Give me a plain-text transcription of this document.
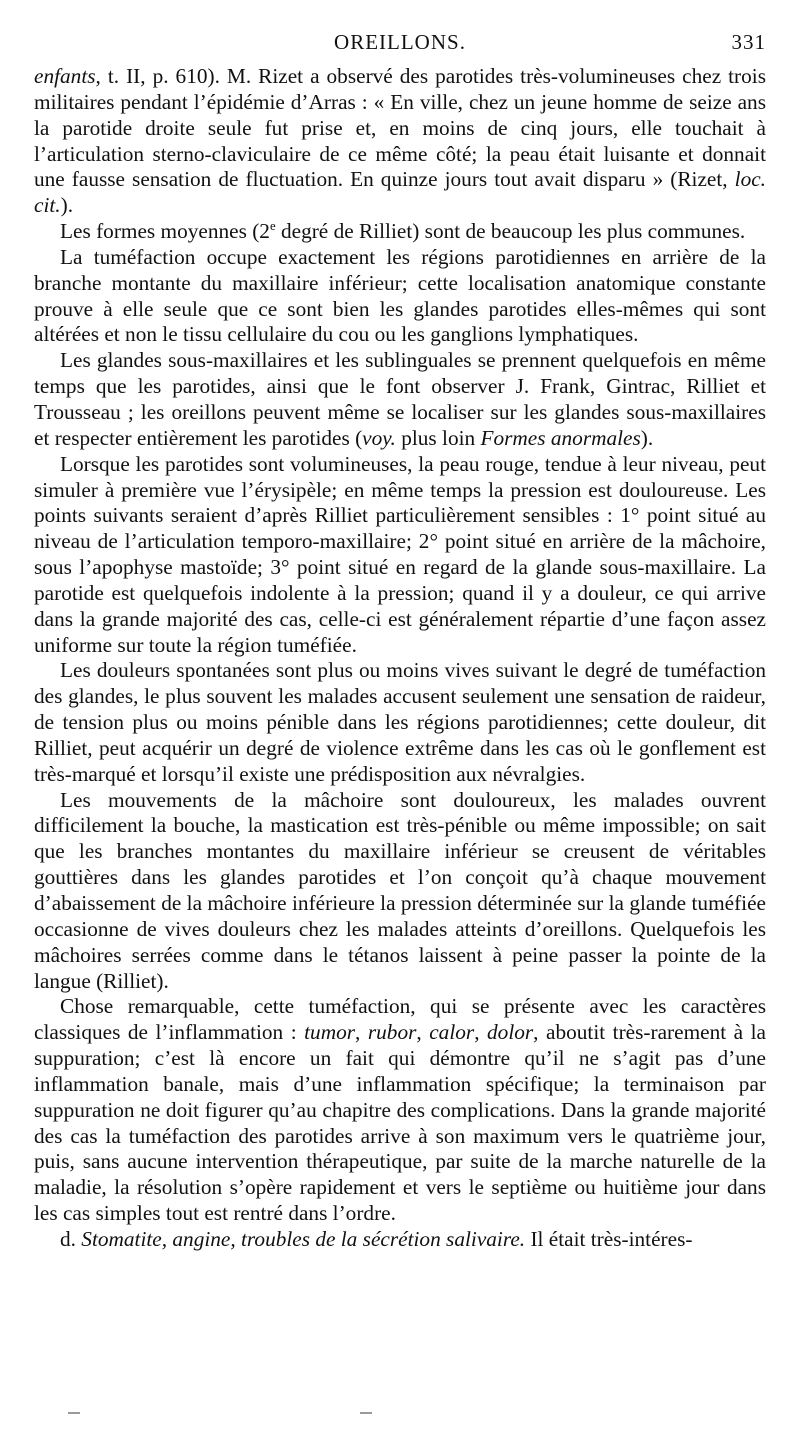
OREILLONS.	331

enfants, t. II, p. 610). M. Rizet a observé des parotides très-volumineuses chez trois militaires pendant l’épidémie d’Arras : « En ville, chez un jeune homme de seize ans la parotide droite seule fut prise et, en moins de cinq jours, elle touchait à l’articulation sterno-claviculaire de ce même côté; la peau était luisante et donnait une fausse sensation de fluctuation. En quinze jours tout avait disparu » (Rizet, loc. cit.).

Les formes moyennes (2e degré de Rilliet) sont de beaucoup les plus communes.

La tuméfaction occupe exactement les régions parotidiennes en arrière de la branche montante du maxillaire inférieur; cette localisation anatomique constante prouve à elle seule que ce sont bien les glandes parotides elles-mêmes qui sont altérées et non le tissu cellulaire du cou ou les ganglions lymphatiques.

Les glandes sous-maxillaires et les sublinguales se prennent quelquefois en même temps que les parotides, ainsi que le font observer J. Frank, Gintrac, Rilliet et Trousseau ; les oreillons peuvent même se localiser sur les glandes sous-maxillaires et respecter entièrement les parotides (voy. plus loin Formes anormales).

Lorsque les parotides sont volumineuses, la peau rouge, tendue à leur niveau, peut simuler à première vue l’érysipèle; en même temps la pression est douloureuse. Les points suivants seraient d’après Rilliet particulièrement sensibles : 1° point situé au niveau de l’articulation temporo-maxillaire; 2° point situé en arrière de la mâchoire, sous l’apophyse mastoïde; 3° point situé en regard de la glande sous-maxillaire. La parotide est quelquefois indolente à la pression; quand il y a douleur, ce qui arrive dans la grande majorité des cas, celle-ci est généralement répartie d’une façon assez uniforme sur toute la région tuméfiée.

Les douleurs spontanées sont plus ou moins vives suivant le degré de tuméfaction des glandes, le plus souvent les malades accusent seulement une sensation de raideur, de tension plus ou moins pénible dans les régions parotidiennes; cette douleur, dit Rilliet, peut acquérir un degré de violence extrême dans les cas où le gonflement est très-marqué et lorsqu’il existe une prédisposition aux névralgies.

Les mouvements de la mâchoire sont douloureux, les malades ouvrent difficilement la bouche, la mastication est très-pénible ou même impossible; on sait que les branches montantes du maxillaire inférieur se creusent de véritables gouttières dans les glandes parotides et l’on conçoit qu’à chaque mouvement d’abaissement de la mâchoire inférieure la pression déterminée sur la glande tuméfiée occasionne de vives douleurs chez les malades atteints d’oreillons. Quelquefois les mâchoires serrées comme dans le tétanos laissent à peine passer la pointe de la langue (Rilliet).

Chose remarquable, cette tuméfaction, qui se présente avec les caractères classiques de l’inflammation : tumor, rubor, calor, dolor, aboutit très-rarement à la suppuration; c’est là encore un fait qui démontre qu’il ne s’agit pas d’une inflammation banale, mais d’une inflammation spécifique; la terminaison par suppuration ne doit figurer qu’au chapitre des complications. Dans la grande majorité des cas la tuméfaction des parotides arrive à son maximum vers le quatrième jour, puis, sans aucune intervention thérapeutique, par suite de la marche naturelle de la maladie, la résolution s’opère rapidement et vers le septième ou huitième jour dans les cas simples tout est rentré dans l’ordre.

d. Stomatite, angine, troubles de la sécrétion salivaire. Il était très-intéres-
